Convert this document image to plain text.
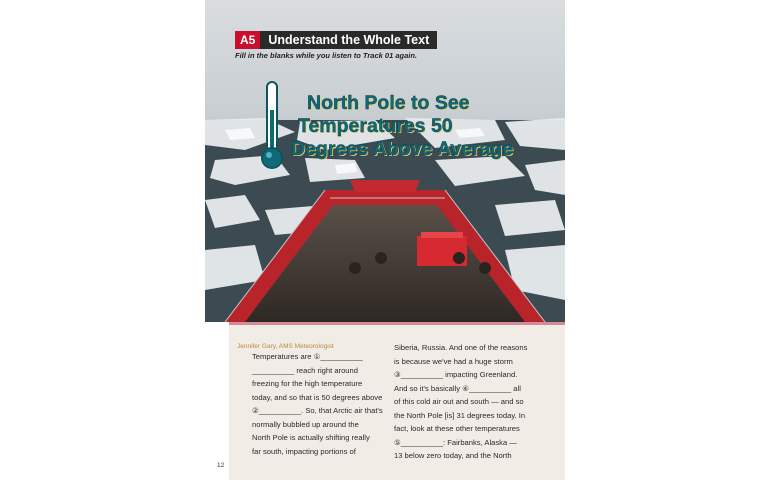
A5	Understand the Whole Text
Fill in the blanks while you listen to Track 01 again.
North Pole to See
Temperatures 50
Degrees Above Average
Jennifer Gary, AMS Meteorologist

Temperatures are ①__________

__________ reach right around

freezing for the high temperature

today, and so that is 50 degrees above

②__________. So, that Arctic air that's

normally bubbled up around the

North Pole is actually shifting really

far south, impacting portions of

Siberia, Russia. And one of the reasons

is because we've had a huge storm

③__________ impacting Greenland.

And so it's basically ④__________ all

of this cold air out and south — and so

the North Pole [is] 31 degrees today. In

fact, look at these other temperatures

⑤__________: Fairbanks, Alaska —

13 below zero today, and the North

12
